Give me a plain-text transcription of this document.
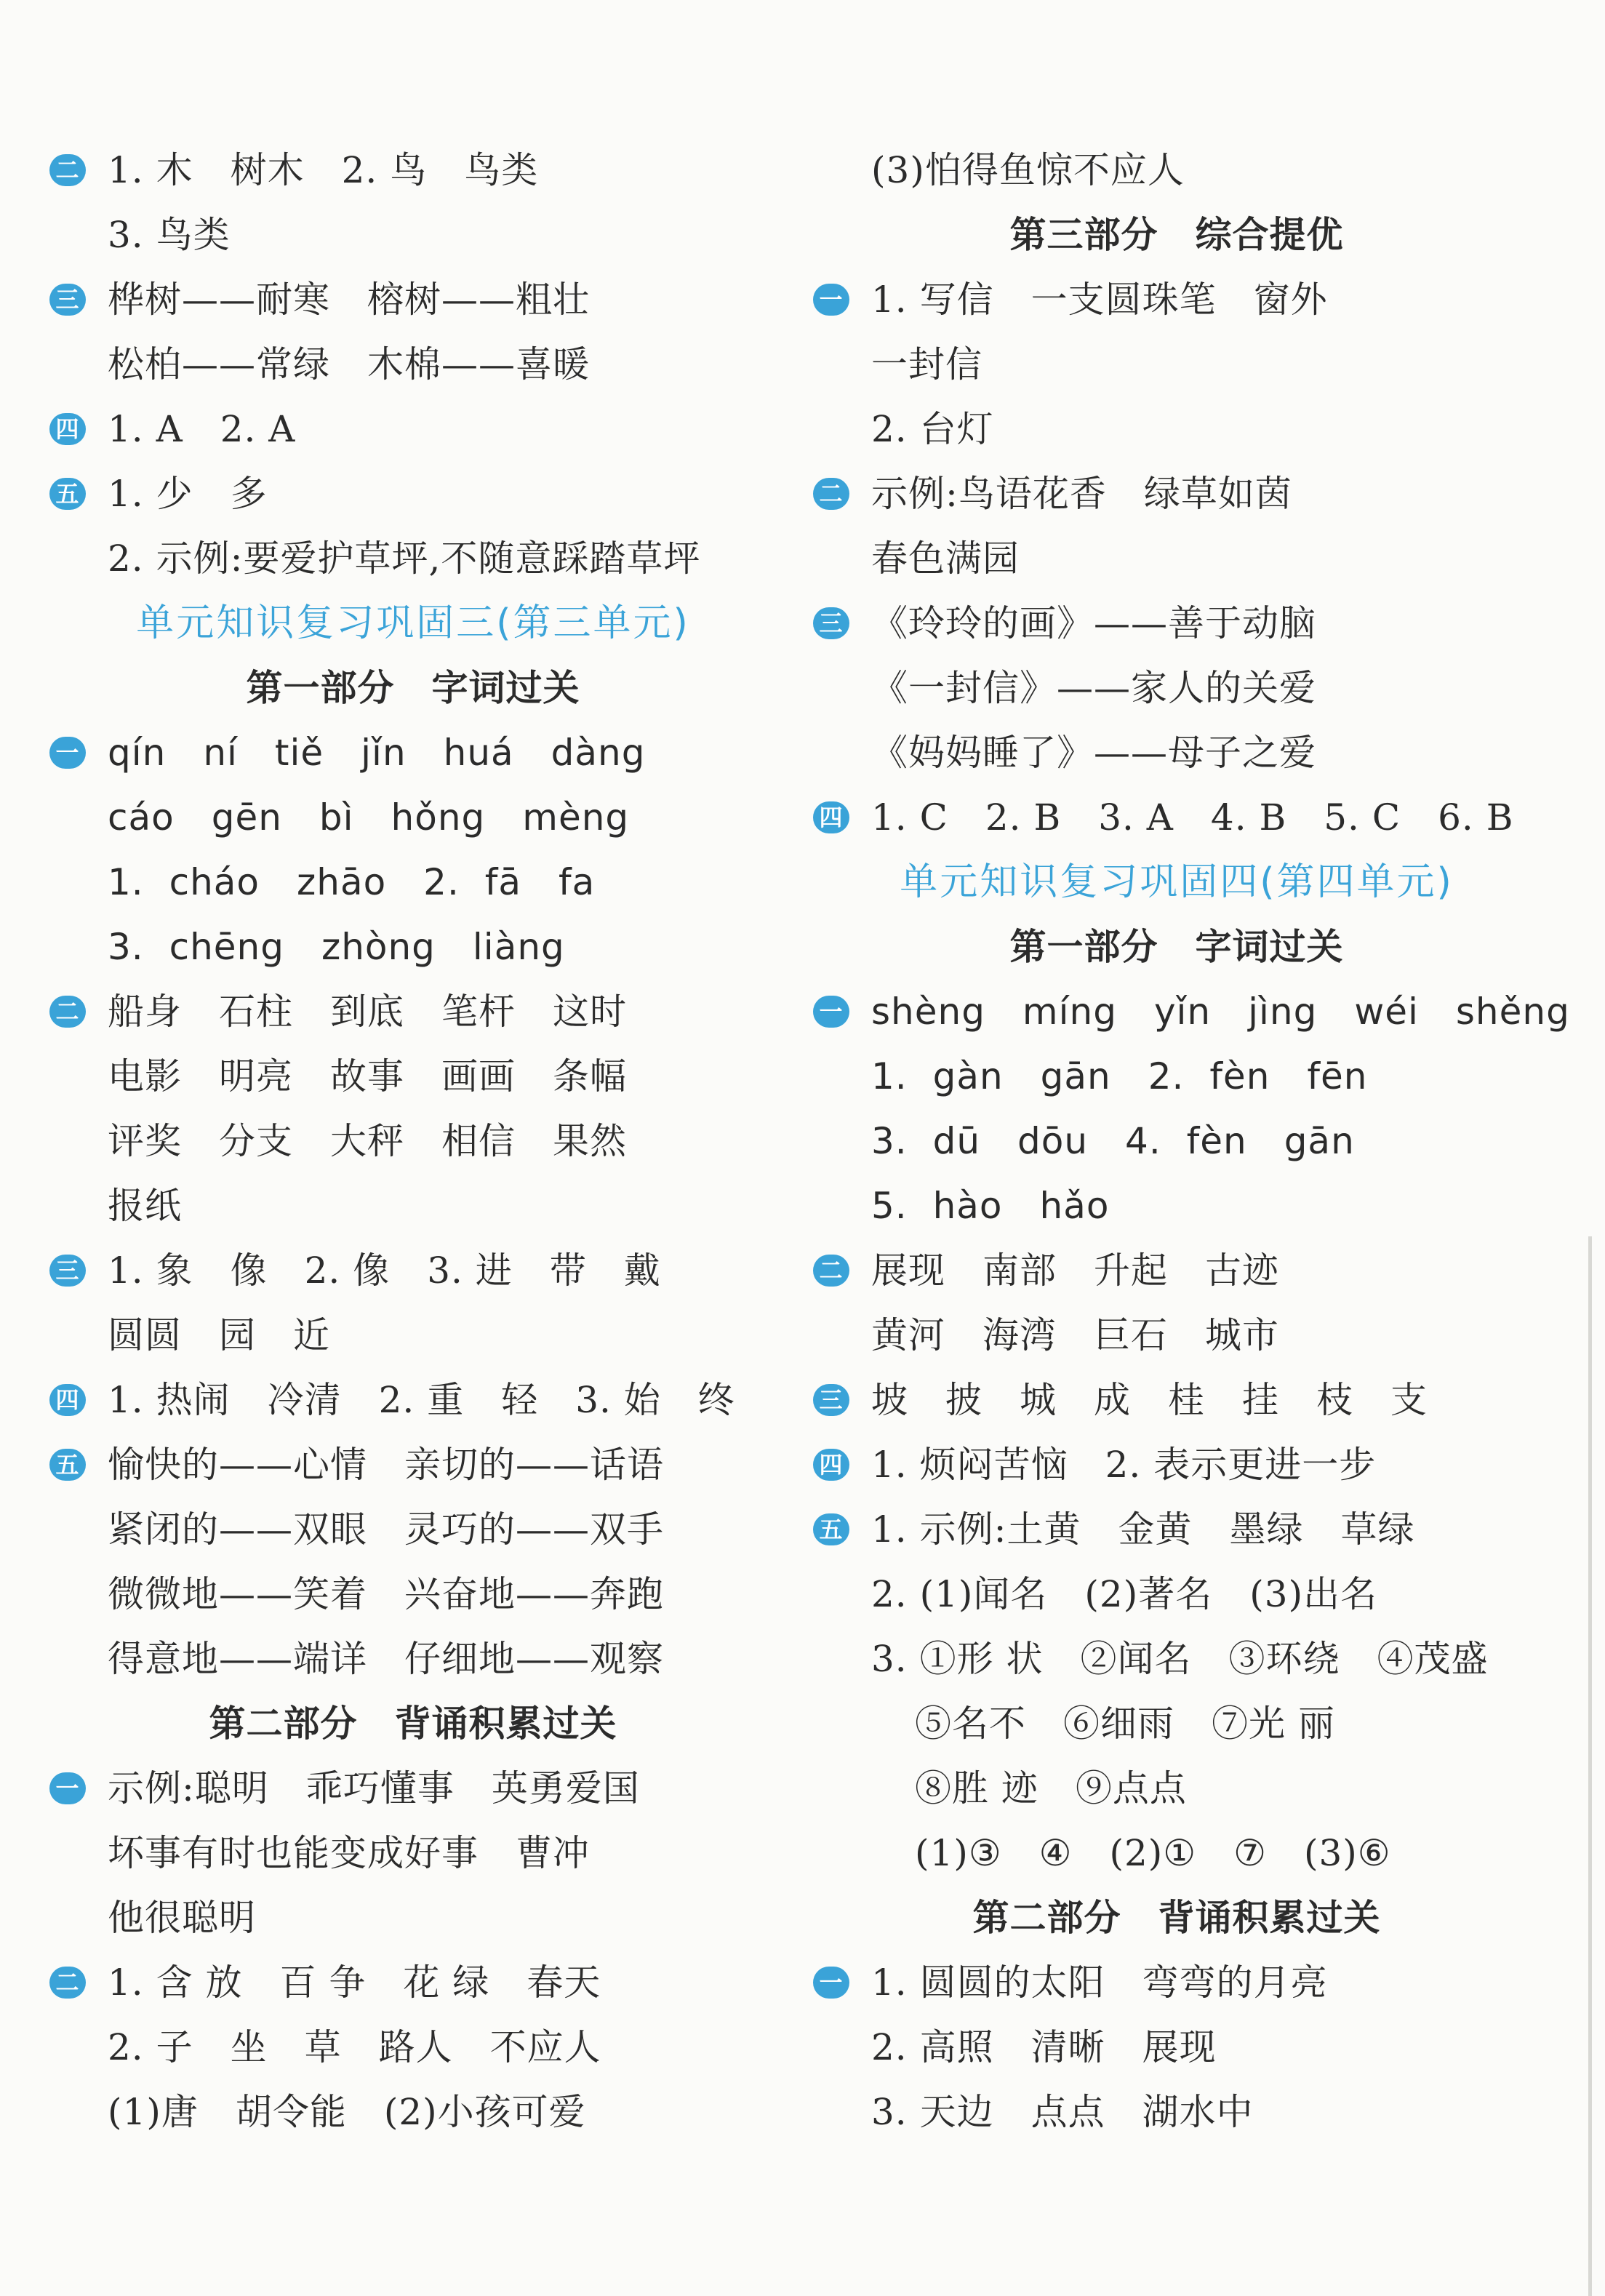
二 1. 木　树木　2. 鸟　鸟类
3. 鸟类
三 桦树——耐寒　榕树——粗壮
松柏——常绿　木棉——喜暖
四 1. A　2. A
五 1. 少　多
2. 示例:要爱护草坪,不随意踩踏草坪
单元知识复习巩固三(第三单元)
第一部分　字词过关
一 qín　ní　tiě　jǐn　huá　dàng
cáo　gēn　bì　hǒng　mèng
1. cháo　zhāo　2. fā　fa
3. chēng　zhòng　liàng
二 船身　石柱　到底　笔杆　这时
电影　明亮　故事　画画　条幅
评奖　分支　大秤　相信　果然
报纸
三 1. 象　像　2. 像　3. 进　带　戴
圆圆　园　近
四 1. 热闹　冷清　2. 重　轻　3. 始　终
五 愉快的——心情　亲切的——话语
紧闭的——双眼　灵巧的——双手
微微地——笑着　兴奋地——奔跑
得意地——端详　仔细地——观察
第二部分　背诵积累过关
一 示例:聪明　乖巧懂事　英勇爱国
坏事有时也能变成好事　曹冲
他很聪明
二 1. 含 放　百 争　花 绿　春天
2. 子　坐　草　路人　不应人
(1)唐　胡令能　(2)小孩可爱
(3)怕得鱼惊不应人
第三部分　综合提优
一 1. 写信　一支圆珠笔　窗外
一封信
2. 台灯
二 示例:鸟语花香　绿草如茵
春色满园
三 《玲玲的画》——善于动脑
《一封信》——家人的关爱
《妈妈睡了》——母子之爱
四 1. C　2. B　3. A　4. B　5. C　6. B
单元知识复习巩固四(第四单元)
第一部分　字词过关
一 shèng　míng　yǐn　jìng　wéi　shěng
1. gàn　gān　2. fèn　fēn
3. dū　dōu　4. fèn　gān
5. hào　hǎo
二 展现　南部　升起　古迹
黄河　海湾　巨石　城市
三 坡　披　城　成　桂　挂　枝　支
四 1. 烦闷苦恼　2. 表示更进一步
五 1. 示例:土黄　金黄　墨绿　草绿
2. (1)闻名　(2)著名　(3)出名
3. ①形 状　②闻名　③环绕　④茂盛
⑤名不　⑥细雨　⑦光 丽
⑧胜 迹　⑨点点
(1)③　④　(2)①　⑦　(3)⑥
第二部分　背诵积累过关
一 1. 圆圆的太阳　弯弯的月亮
2. 高照　清晰　展现
3. 天边　点点　湖水中
